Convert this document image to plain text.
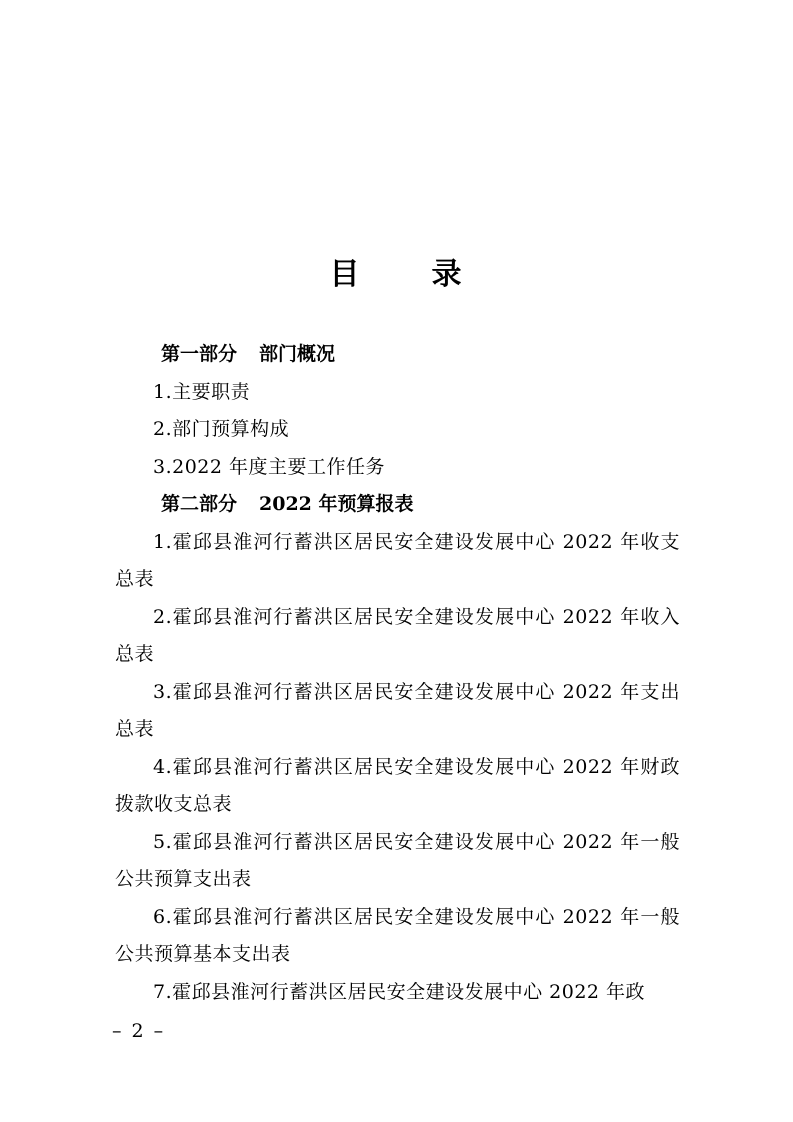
目 录

第一部分 部门概况

1.主要职责

2.部门预算构成

3.2022 年度主要工作任务

第二部分 2022 年预算报表

1.霍邱县淮河行蓄洪区居民安全建设发展中心 2022 年收支总表

2.霍邱县淮河行蓄洪区居民安全建设发展中心 2022 年收入总表

3.霍邱县淮河行蓄洪区居民安全建设发展中心 2022 年支出总表

4.霍邱县淮河行蓄洪区居民安全建设发展中心 2022 年财政拨款收支总表

5.霍邱县淮河行蓄洪区居民安全建设发展中心 2022 年一般公共预算支出表

6.霍邱县淮河行蓄洪区居民安全建设发展中心 2022 年一般公共预算基本支出表

7.霍邱县淮河行蓄洪区居民安全建设发展中心 2022 年政

– 2 –
